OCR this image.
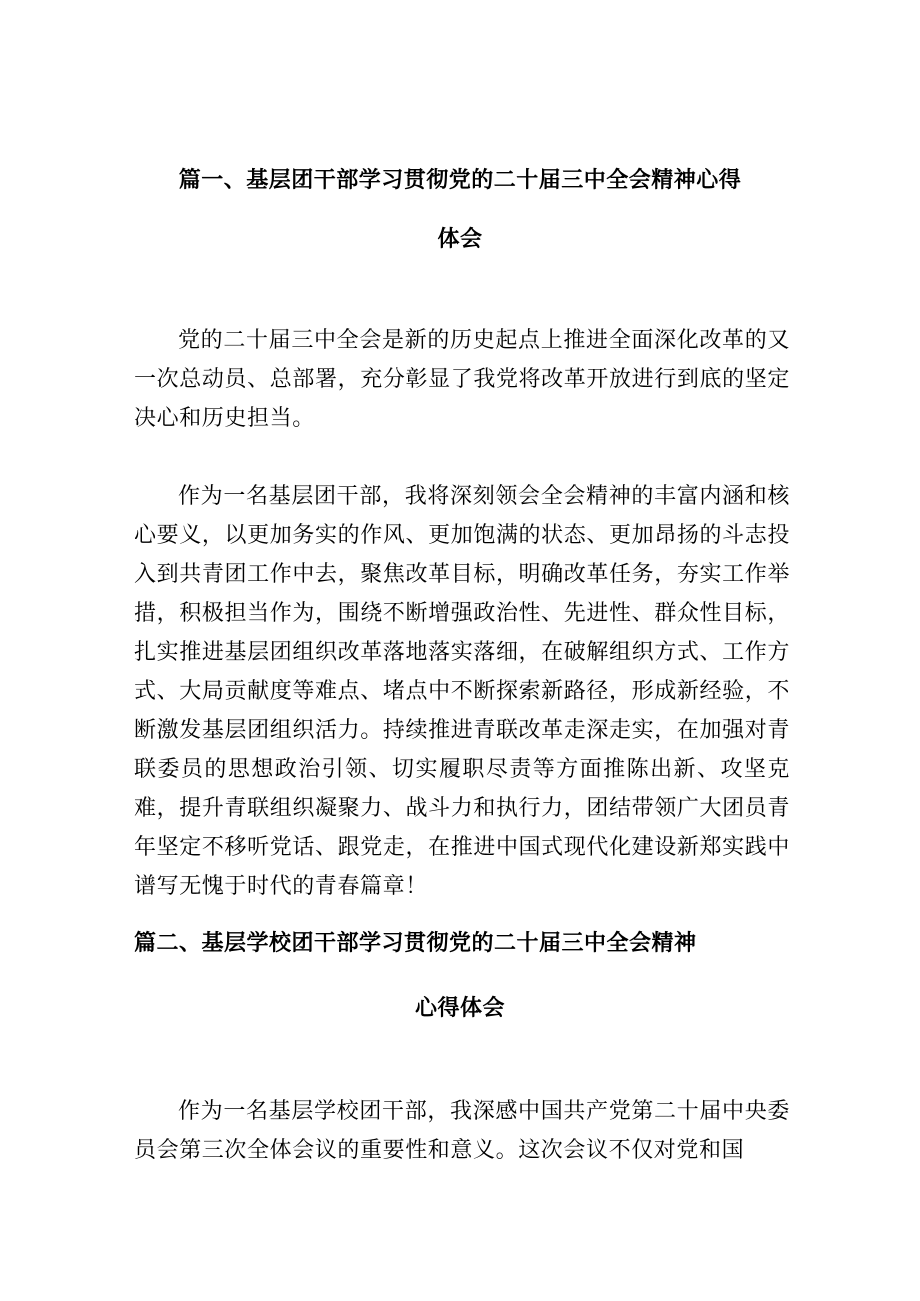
篇一、基层团干部学习贯彻党的二十届三中全会精神心得
体会

党的二十届三中全会是新的历史起点上推进全面深化改革的又一次总动员、总部署，充分彰显了我党将改革开放进行到底的坚定决心和历史担当。

作为一名基层团干部，我将深刻领会全会精神的丰富内涵和核心要义，以更加务实的作风、更加饱满的状态、更加昂扬的斗志投入到共青团工作中去，聚焦改革目标，明确改革任务，夯实工作举措，积极担当作为，围绕不断增强政治性、先进性、群众性目标，扎实推进基层团组织改革落地落实落细，在破解组织方式、工作方式、大局贡献度等难点、堵点中不断探索新路径，形成新经验，不断激发基层团组织活力。持续推进青联改革走深走实，在加强对青联委员的思想政治引领、切实履职尽责等方面推陈出新、攻坚克难，提升青联组织凝聚力、战斗力和执行力，团结带领广大团员青年坚定不移听党话、跟党走，在推进中国式现代化建设新郑实践中谱写无愧于时代的青春篇章！

篇二、基层学校团干部学习贯彻党的二十届三中全会精神
心得体会

作为一名基层学校团干部，我深感中国共产党第二十届中央委员会第三次全体会议的重要性和意义。这次会议不仅对党和国
